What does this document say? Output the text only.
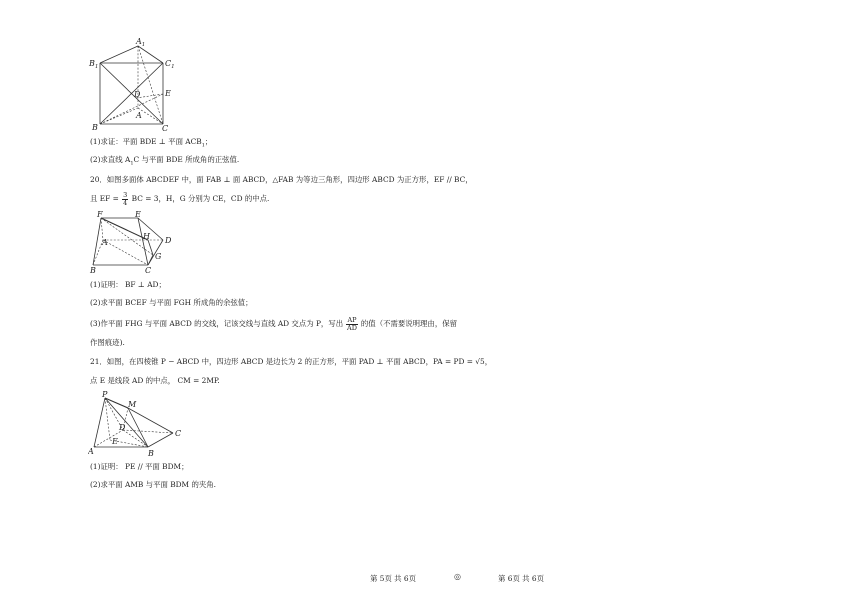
$B_1$
$A_1$
$C_1$
D	E
A
B	C
(1)求证：平面 BDE ⊥ 平面 $ACB_1$；
(2)求直线 $A_1C$ 与平面 BDE 所成角的正弦值.
20．如图多面体 ABCDEF 中，面 FAB ⊥ 面 ABCD，△FAB 为等边三角形，四边形 ABCD 为正方形，EF // BC，
且 EF = $\frac{3}{4}$ BC = 3，H，G 分别为 CE，CD 的中点.
F	E
H D
A
G
B	C
(1)证明： BF ⊥ AD；
(2)求平面 BCEF 与平面 FGH 所成角的余弦值；
(3)作平面 FHG 与平面 ABCD 的交线，记该交线与直线 AD 交点为 P，写出 $\frac{AP}{AD}$ 的值（不需要说明理由，保留
作图痕迹).
21．如图，在四棱锥 P − ABCD 中，四边形 ABCD 是边长为 2 的正方形，平面 PAD ⊥ 平面 ABCD，PA = PD = √5，
点 E 是线段 AD 的中点， CM = 2MP.
P
M
D
E
C
A	B
(1)证明： PE // 平面 BDM；
(2)求平面 AMB 与平面 BDM 的夹角.
第 5页 共 6页	◎	第 6页 共 6页
